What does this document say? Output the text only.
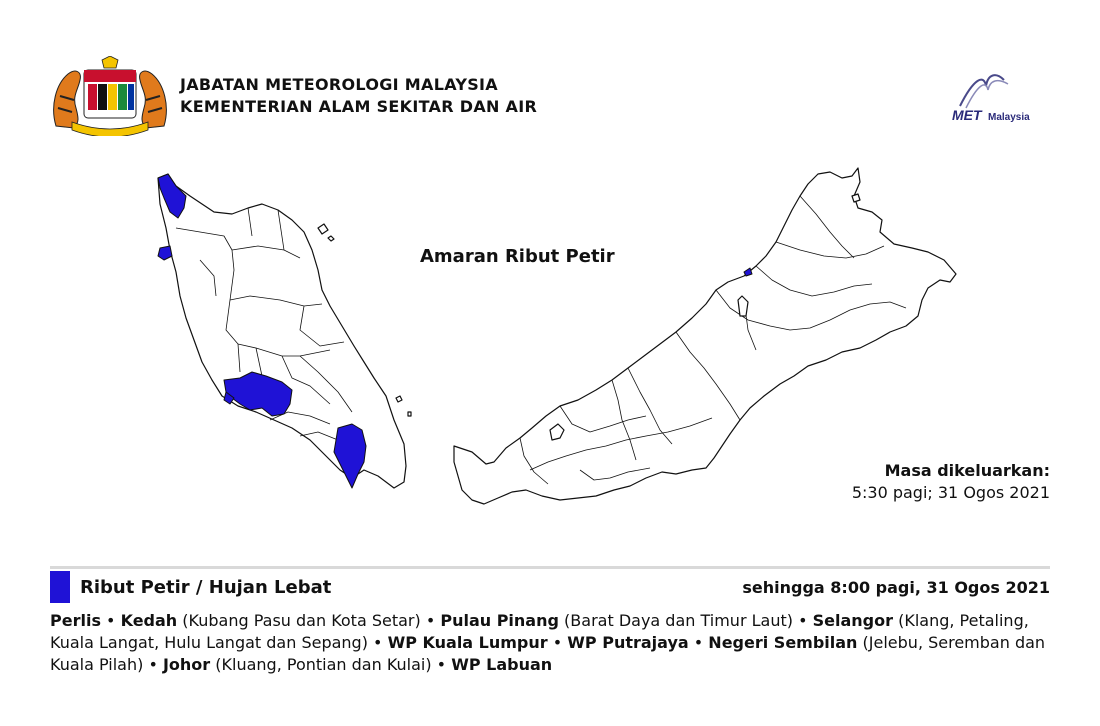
JABATAN METEOROLOGI MALAYSIA
KEMENTERIAN ALAM SEKITAR DAN AIR	MET Malaysia
Amaran Ribut Petir
Masa dikeluarkan:
5:30 pagi; 31 Ogos 2021
Ribut Petir / Hujan Lebat	sehingga 8:00 pagi, 31 Ogos 2021
Perlis • Kedah (Kubang Pasu dan Kota Setar) • Pulau Pinang (Barat Daya dan Timur Laut) • Selangor (Klang, Petaling, Kuala Langat, Hulu Langat dan Sepang) • WP Kuala Lumpur • WP Putrajaya • Negeri Sembilan (Jelebu, Seremban dan Kuala Pilah) • Johor (Kluang, Pontian dan Kulai) • WP Labuan
